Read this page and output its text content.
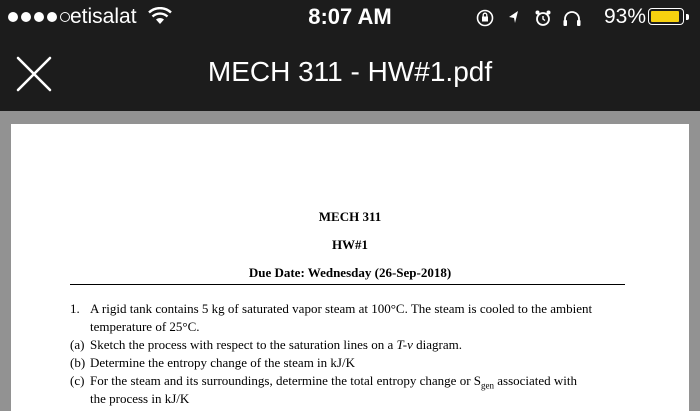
etisalat	8:07 AM	93%
MECH 311 - HW#1.pdf
MECH 311
HW#1
Due Date: Wednesday (26-Sep-2018)
1. A rigid tank contains 5 kg of saturated vapor steam at 100°C. The steam is cooled to the ambient
temperature of 25°C.
(a) Sketch the process with respect to the saturation lines on a T-v diagram.
(b) Determine the entropy change of the steam in kJ/K
(c) For the steam and its surroundings, determine the total entropy change or $S_{gen}$ associated with
the process in kJ/K
